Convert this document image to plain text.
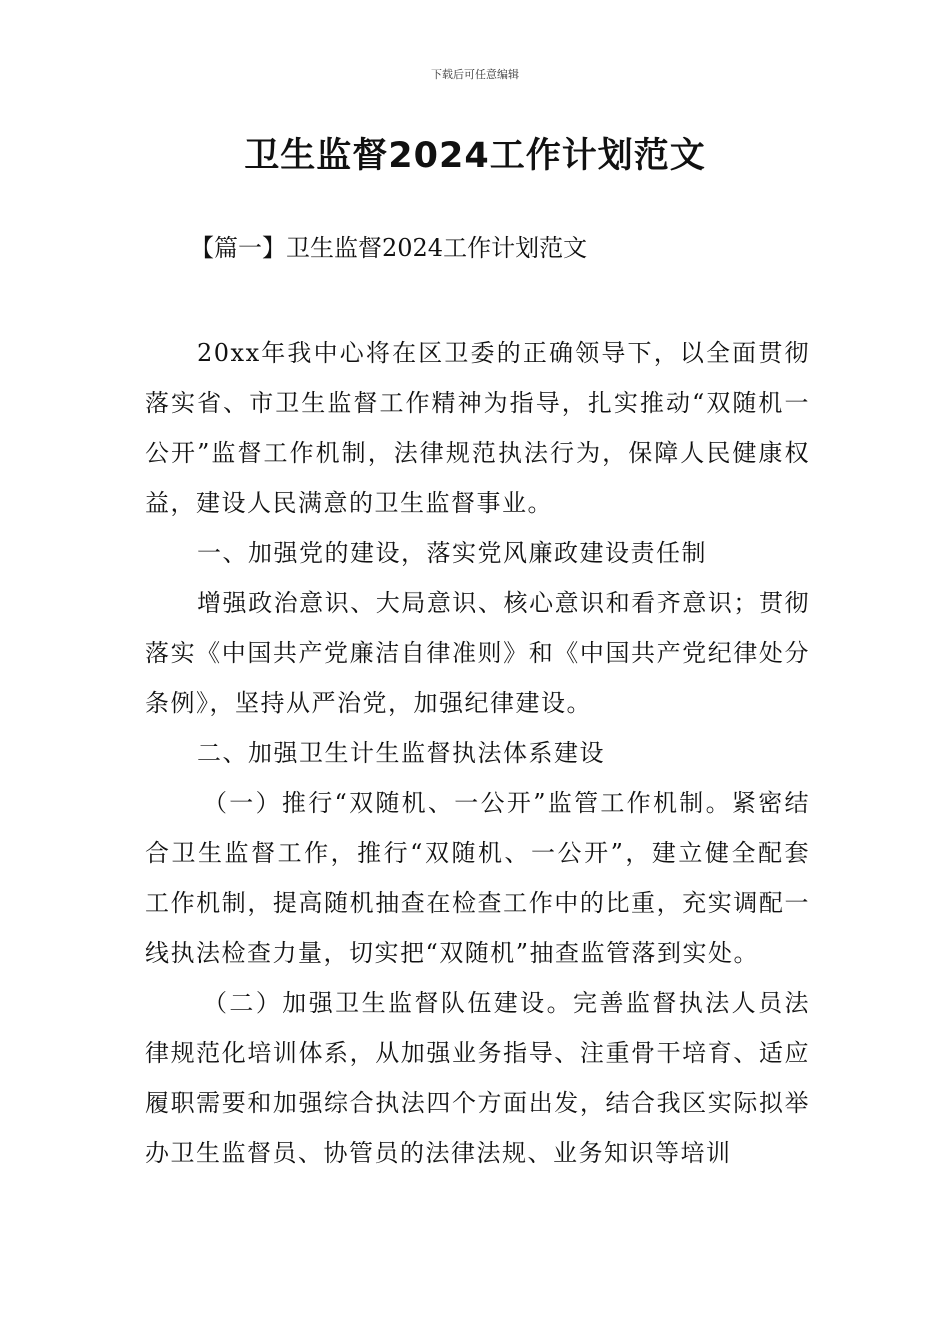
下载后可任意编辑
卫生监督2024工作计划范文
【篇一】卫生监督2024工作计划范文

20xx年我中心将在区卫委的正确领导下，以全面贯彻落实省、市卫生监督工作精神为指导，扎实推动“双随机一公开”监督工作机制，法律规范执法行为，保障人民健康权益，建设人民满意的卫生监督事业。

一、加强党的建设，落实党风廉政建设责任制

增强政治意识、大局意识、核心意识和看齐意识；贯彻落实《中国共产党廉洁自律准则》和《中国共产党纪律处分条例》，坚持从严治党，加强纪律建设。

二、加强卫生计生监督执法体系建设

（一）推行“双随机、一公开”监管工作机制。紧密结合卫生监督工作，推行“双随机、一公开”，建立健全配套工作机制，提高随机抽查在检查工作中的比重，充实调配一线执法检查力量，切实把“双随机”抽查监管落到实处。

（二）加强卫生监督队伍建设。完善监督执法人员法律规范化培训体系，从加强业务指导、注重骨干培育、适应履职需要和加强综合执法四个方面出发，结合我区实际拟举办卫生监督员、协管员的法律法规、业务知识等培训
